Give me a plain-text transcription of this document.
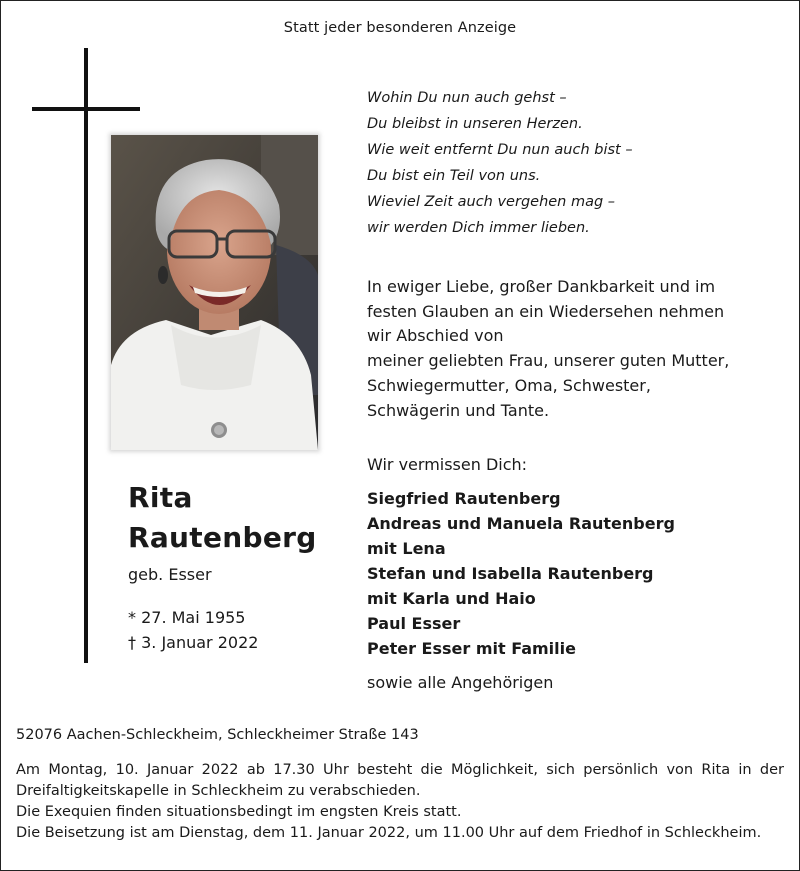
Statt jeder besonderen Anzeige
Rita
Rautenberg
geb. Esser
* 27. Mai 1955
† 3. Januar 2022
Wohin Du nun auch gehst –
Du bleibst in unseren Herzen.
Wie weit entfernt Du nun auch bist –
Du bist ein Teil von uns.
Wieviel Zeit auch vergehen mag –
wir werden Dich immer lieben.
In ewiger Liebe, großer Dankbarkeit und im
festen Glauben an ein Wiedersehen nehmen
wir Abschied von
meiner geliebten Frau, unserer guten Mutter,
Schwiegermutter, Oma, Schwester,
Schwägerin und Tante.
Wir vermissen Dich:
Siegfried Rautenberg
Andreas und Manuela Rautenberg
mit Lena
Stefan und Isabella Rautenberg
mit Karla und Haio
Paul Esser
Peter Esser mit Familie
sowie alle Angehörigen
52076 Aachen-Schleckheim, Schleckheimer Straße 143

Am Montag, 10. Januar 2022 ab 17.30 Uhr besteht die Möglichkeit, sich persönlich von Rita in der Dreifaltigkeitskapelle in Schleckheim zu verabschieden.

Die Exequien finden situationsbedingt im engsten Kreis statt.

Die Beisetzung ist am Dienstag, dem 11. Januar 2022, um 11.00 Uhr auf dem Friedhof in Schleckheim.
